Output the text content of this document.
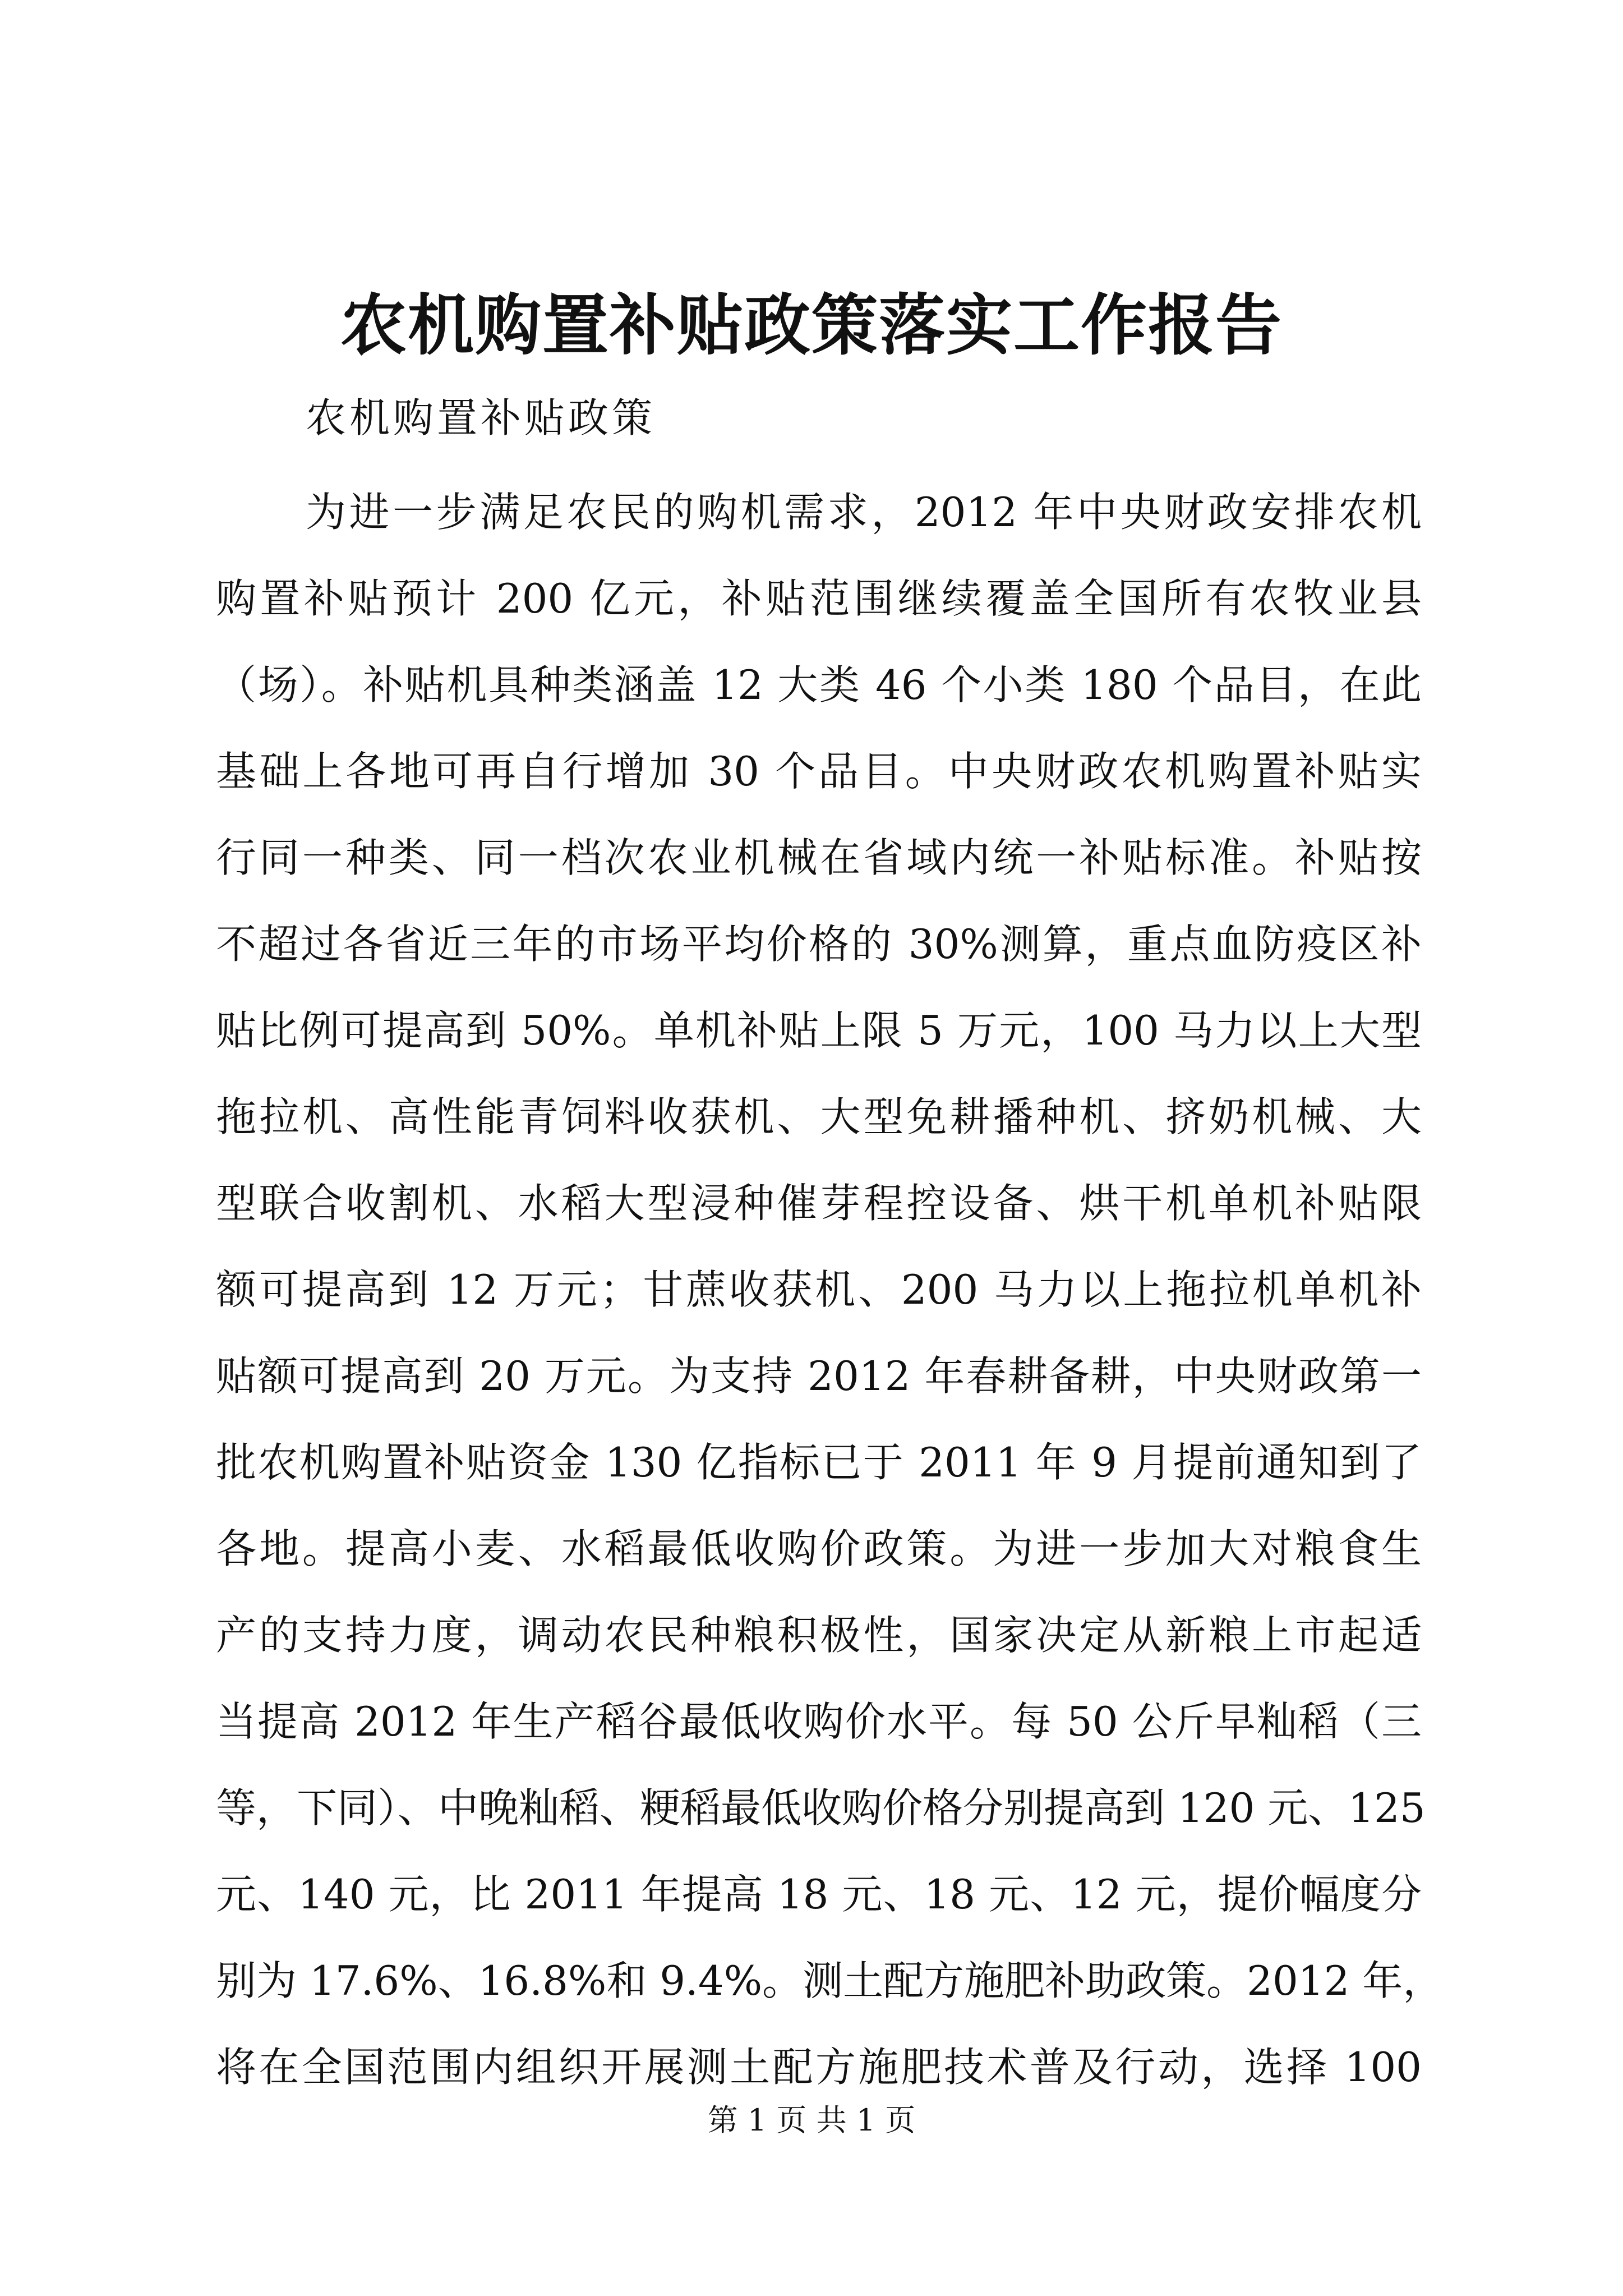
农机购置补贴政策落实工作报告
农机购置补贴政策
为进一步满足农民的购机需求，2012 年中央财政安排农机
购置补贴预计 200 亿元，补贴范围继续覆盖全国所有农牧业县
（场）。补贴机具种类涵盖 12 大类 46 个小类 180 个品目，在此
基础上各地可再自行增加 30 个品目。中央财政农机购置补贴实
行同一种类、同一档次农业机械在省域内统一补贴标准。补贴按
不超过各省近三年的市场平均价格的 30%测算，重点血防疫区补
贴比例可提高到 50%。单机补贴上限 5 万元，100 马力以上大型
拖拉机、高性能青饲料收获机、大型免耕播种机、挤奶机械、大
型联合收割机、水稻大型浸种催芽程控设备、烘干机单机补贴限
额可提高到 12 万元；甘蔗收获机、200 马力以上拖拉机单机补
贴额可提高到 20 万元。为支持 2012 年春耕备耕，中央财政第一
批农机购置补贴资金 130 亿指标已于 2011 年 9 月提前通知到了
各地。提高小麦、水稻最低收购价政策。为进一步加大对粮食生
产的支持力度，调动农民种粮积极性，国家决定从新粮上市起适
当提高 2012 年生产稻谷最低收购价水平。每 50 公斤早籼稻（三
等，下同）、中晚籼稻、粳稻最低收购价格分别提高到 120 元、125
元、140 元，比 2011 年提高 18 元、18 元、12 元，提价幅度分
别为 17.6%、16.8%和 9.4%。测土配方施肥补助政策。2012 年，
将在全国范围内组织开展测土配方施肥技术普及行动，选择 100
第 1 页 共 1 页
